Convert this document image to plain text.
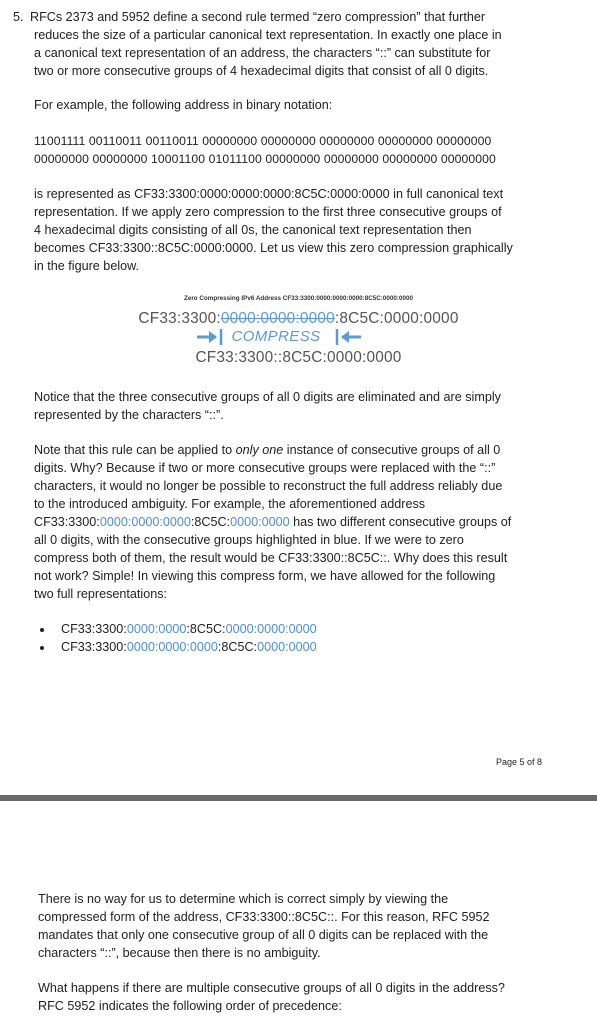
5. RFCs 2373 and 5952 define a second rule termed “zero compression” that further
reduces the size of a particular canonical text representation. In exactly one place in
a canonical text representation of an address, the characters “::” can substitute for
two or more consecutive groups of 4 hexadecimal digits that consist of all 0 digits.
For example, the following address in binary notation:
11001111 00110011 00110011 00000000 00000000 00000000 00000000 00000000
00000000 00000000 10001100 01011100 00000000 00000000 00000000 00000000
is represented as CF33:3300:0000:0000:0000:8C5C:0000:0000 in full canonical text
representation. If we apply zero compression to the first three consecutive groups of
4 hexadecimal digits consisting of all 0s, the canonical text representation then
becomes CF33:3300::8C5C:0000:0000. Let us view this zero compression graphically
in the figure below.
Zero Compressing IPv6 Address CF33:3300:0000:0000:0000:8C5C:0000:0000
CF33:3300:0000:0000:0000:8C5C:0000:0000
COMPRESS
CF33:3300::8C5C:0000:0000
Notice that the three consecutive groups of all 0 digits are eliminated and are simply
represented by the characters “::”.
Note that this rule can be applied to only one instance of consecutive groups of all 0
digits. Why? Because if two or more consecutive groups were replaced with the “::”
characters, it would no longer be possible to reconstruct the full address reliably due
to the introduced ambiguity. For example, the aforementioned address
CF33:3300:0000:0000:0000:8C5C:0000:0000 has two different consecutive groups of
all 0 digits, with the consecutive groups highlighted in blue. If we were to zero
compress both of them, the result would be CF33:3300::8C5C::. Why does this result
not work? Simple! In viewing this compress form, we have allowed for the following
two full representations:
CF33:3300:0000:0000:8C5C:0000:0000:0000
CF33:3300:0000:0000:0000:8C5C:0000:0000
Page 5 of 8
There is no way for us to determine which is correct simply by viewing the
compressed form of the address, CF33:3300::8C5C::. For this reason, RFC 5952
mandates that only one consecutive group of all 0 digits can be replaced with the
characters “::”, because then there is no ambiguity.
What happens if there are multiple consecutive groups of all 0 digits in the address?
RFC 5952 indicates the following order of precedence:
